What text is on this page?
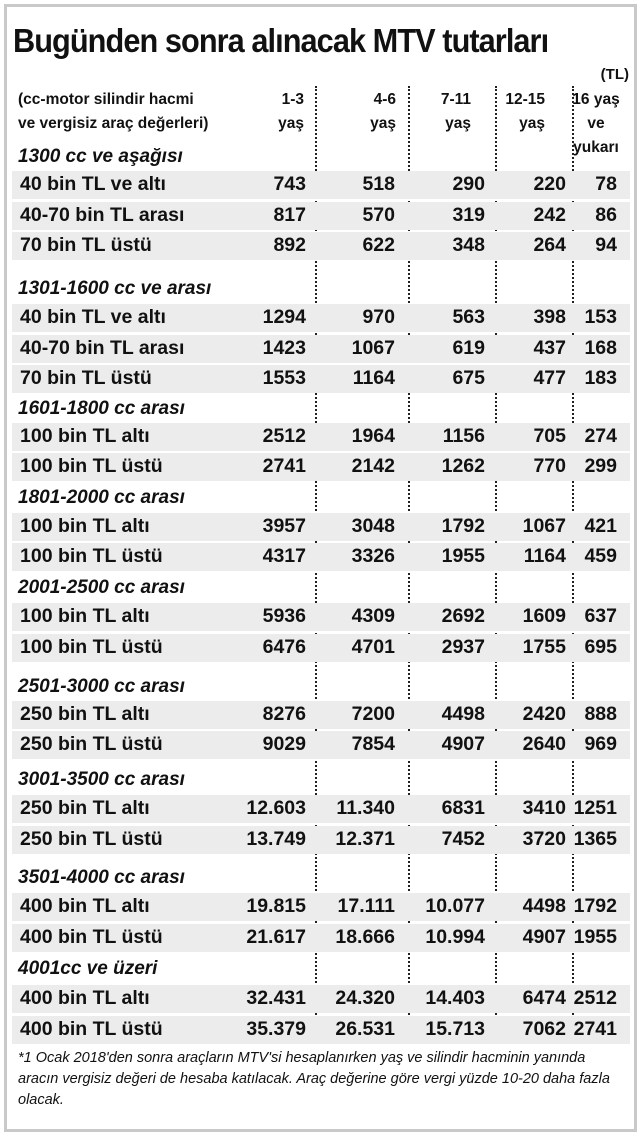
Bugünden sonra alınacak MTV tutarları
(TL)
(cc-motor silindir hacmi
ve vergisiz araç değerleri)
1-3
yaş
4-6
yaş
7-11
yaş
12-15
yaş
16 yaş
ve
yukarı
1300 cc ve aşağısı
40 bin TL ve altı	743	518	290 220 78
40-70 bin TL arası	817	570	319 242 86
70 bin TL üstü	892	622	348 264 94
1301-1600 cc ve arası
40 bin TL ve altı	1294	970	563 398 153
40-70 bin TL arası	1423 1067	619 437 168
70 bin TL üstü	1553 1164	675 477 183
1601-1800 cc arası
100 bin TL altı	2512 1964 1156 705 274
100 bin TL üstü	2741 2142 1262 770 299
1801-2000 cc arası
100 bin TL altı	3957 3048 1792 1067 421
100 bin TL üstü	4317 3326 1955 1164 459
2001-2500 cc arası
100 bin TL altı	5936 4309 2692 1609 637
100 bin TL üstü	6476 4701 2937 1755 695
2501-3000 cc arası
250 bin TL altı	8276 7200 4498 2420 888
250 bin TL üstü	9029 7854 4907 2640 969
3001-3500 cc arası
250 bin TL altı	12.603 11.340 6831 3410 1251
250 bin TL üstü	13.749 12.371 7452 3720 1365
3501-4000 cc arası
400 bin TL altı	19.815 17.111 10.077 4498 1792
400 bin TL üstü	21.617 18.666 10.994 4907 1955
4001cc ve üzeri
400 bin TL altı	32.431 24.320 14.403 6474 2512
400 bin TL üstü	35.379 26.531 15.713 7062 2741
*1 Ocak 2018'den sonra araçların MTV'si hesaplanırken yaş ve silindir hacminin yanında aracın vergisiz değeri de hesaba katılacak. Araç değerine göre vergi yüzde 10-20 daha fazla olacak.
